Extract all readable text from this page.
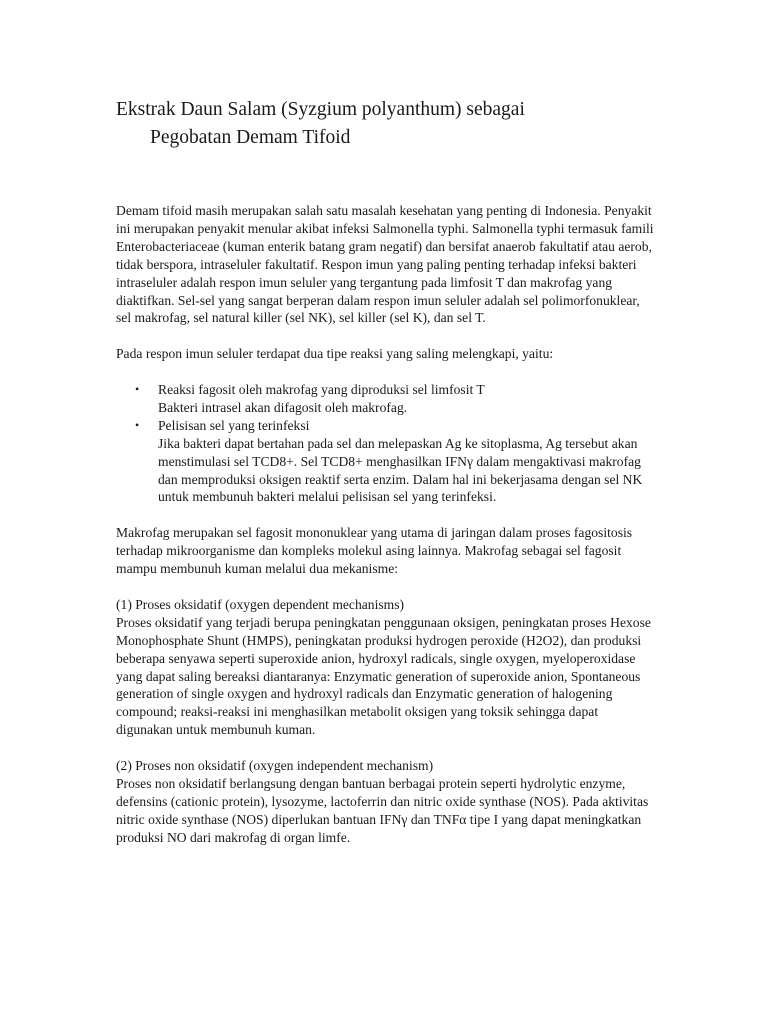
Ekstrak Daun Salam (Syzgium polyanthum) sebagai
Pegobatan Demam Tifoid

Demam tifoid masih merupakan salah satu masalah kesehatan yang penting di Indonesia. Penyakit ini merupakan penyakit menular akibat infeksi Salmonella typhi. Salmonella typhi termasuk famili Enterobacteriaceae (kuman enterik batang gram negatif) dan bersifat anaerob fakultatif atau aerob, tidak berspora, intraseluler fakultatif. Respon imun yang paling penting terhadap infeksi bakteri intraseluler adalah respon imun seluler yang tergantung pada limfosit T dan makrofag yang diaktifkan. Sel-sel yang sangat berperan dalam respon imun seluler adalah sel polimorfonuklear, sel makrofag, sel natural killer (sel NK), sel killer (sel K), dan sel T.

Pada respon imun seluler terdapat dua tipe reaksi yang saling melengkapi, yaitu:

• Reaksi fagosit oleh makrofag yang diproduksi sel limfosit T
Bakteri intrasel akan difagosit oleh makrofag.
• Pelisisan sel yang terinfeksi
Jika bakteri dapat bertahan pada sel dan melepaskan Ag ke sitoplasma, Ag tersebut akan menstimulasi sel TCD8+. Sel TCD8+ menghasilkan IFNγ dalam mengaktivasi makrofag dan memproduksi oksigen reaktif serta enzim. Dalam hal ini bekerjasama dengan sel NK untuk membunuh bakteri melalui pelisisan sel yang terinfeksi.

Makrofag merupakan sel fagosit mononuklear yang utama di jaringan dalam proses fagositosis terhadap mikroorganisme dan kompleks molekul asing lainnya. Makrofag sebagai sel fagosit mampu membunuh kuman melalui dua mekanisme:

(1) Proses oksidatif (oxygen dependent mechanisms)
Proses oksidatif yang terjadi berupa peningkatan penggunaan oksigen, peningkatan proses Hexose Monophosphate Shunt (HMPS), peningkatan produksi hydrogen peroxide (H2O2), dan produksi beberapa senyawa seperti superoxide anion, hydroxyl radicals, single oxygen, myeloperoxidase yang dapat saling bereaksi diantaranya: Enzymatic generation of superoxide anion, Spontaneous generation of single oxygen and hydroxyl radicals dan Enzymatic generation of halogening compound; reaksi-reaksi ini menghasilkan metabolit oksigen yang toksik sehingga dapat digunakan untuk membunuh kuman.

(2) Proses non oksidatif (oxygen independent mechanism)
Proses non oksidatif berlangsung dengan bantuan berbagai protein seperti hydrolytic enzyme, defensins (cationic protein), lysozyme, lactoferrin dan nitric oxide synthase (NOS). Pada aktivitas nitric oxide synthase (NOS) diperlukan bantuan IFNγ dan TNFα tipe I yang dapat meningkatkan produksi NO dari makrofag di organ limfe.
